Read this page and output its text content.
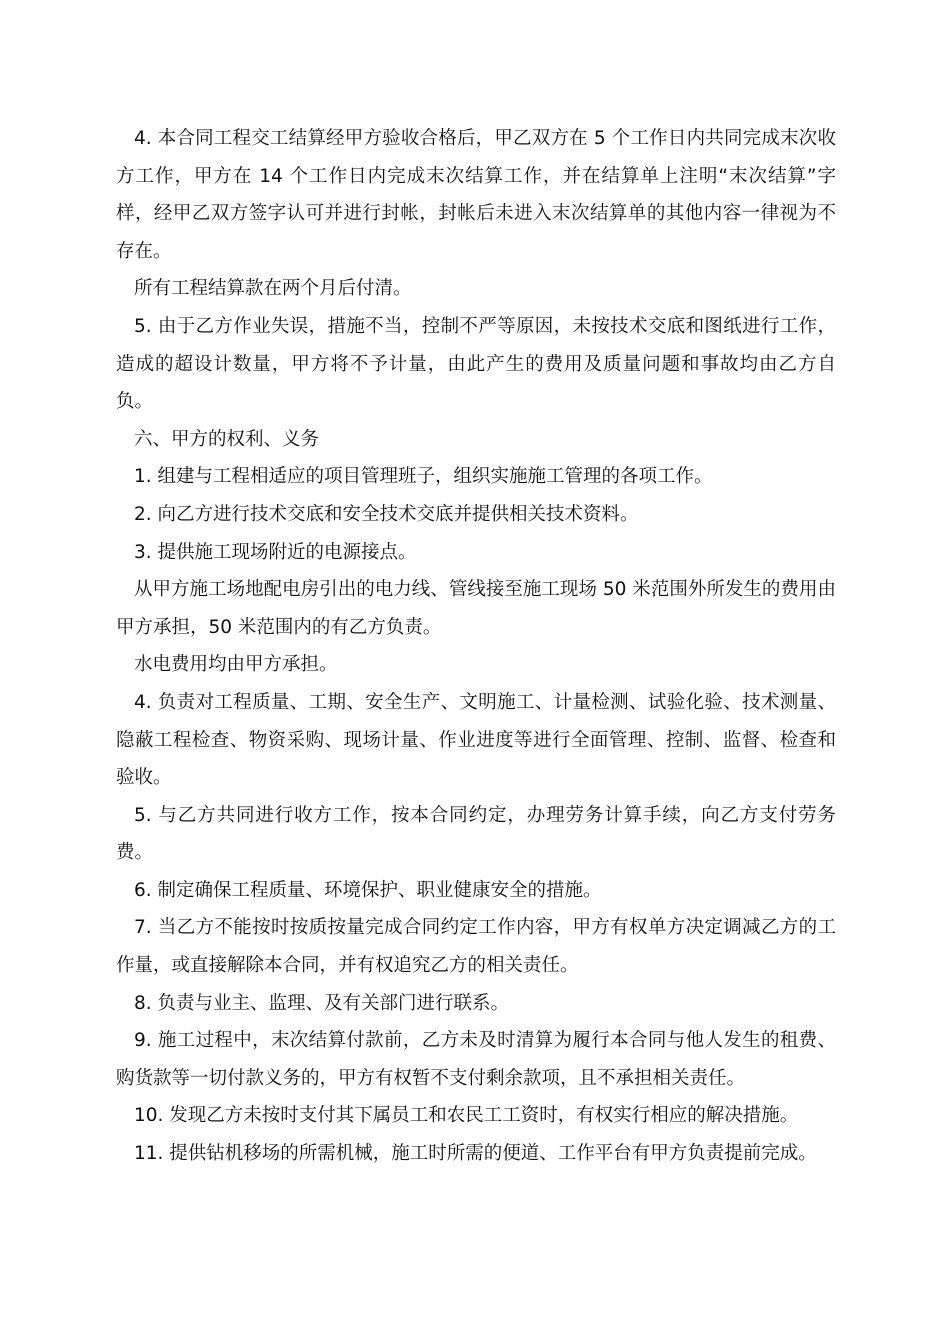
4. 本合同工程交工结算经甲方验收合格后，甲乙双方在 5 个工作日内共同完成末次收方工作，甲方在 14 个工作日内完成末次结算工作，并在结算单上注明“末次结算”字样，经甲乙双方签字认可并进行封帐，封帐后未进入末次结算单的其他内容一律视为不存在。

所有工程结算款在两个月后付清。

5. 由于乙方作业失误，措施不当，控制不严等原因，未按技术交底和图纸进行工作，造成的超设计数量，甲方将不予计量，由此产生的费用及质量问题和事故均由乙方自负。

六、甲方的权利、义务

1. 组建与工程相适应的项目管理班子，组织实施施工管理的各项工作。

2. 向乙方进行技术交底和安全技术交底并提供相关技术资料。

3. 提供施工现场附近的电源接点。

从甲方施工场地配电房引出的电力线、管线接至施工现场 50 米范围外所发生的费用由甲方承担，50 米范围内的有乙方负责。

水电费用均由甲方承担。

4. 负责对工程质量、工期、安全生产、文明施工、计量检测、试验化验、技术测量、隐蔽工程检查、物资采购、现场计量、作业进度等进行全面管理、控制、监督、检查和验收。

5. 与乙方共同进行收方工作，按本合同约定，办理劳务计算手续，向乙方支付劳务费。

6. 制定确保工程质量、环境保护、职业健康安全的措施。

7. 当乙方不能按时按质按量完成合同约定工作内容，甲方有权单方决定调减乙方的工作量，或直接解除本合同，并有权追究乙方的相关责任。

8. 负责与业主、监理、及有关部门进行联系。

9. 施工过程中，末次结算付款前，乙方未及时清算为履行本合同与他人发生的租费、购货款等一切付款义务的，甲方有权暂不支付剩余款项，且不承担相关责任。

10. 发现乙方未按时支付其下属员工和农民工工资时，有权实行相应的解决措施。

11. 提供钻机移场的所需机械，施工时所需的便道、工作平台有甲方负责提前完成。
